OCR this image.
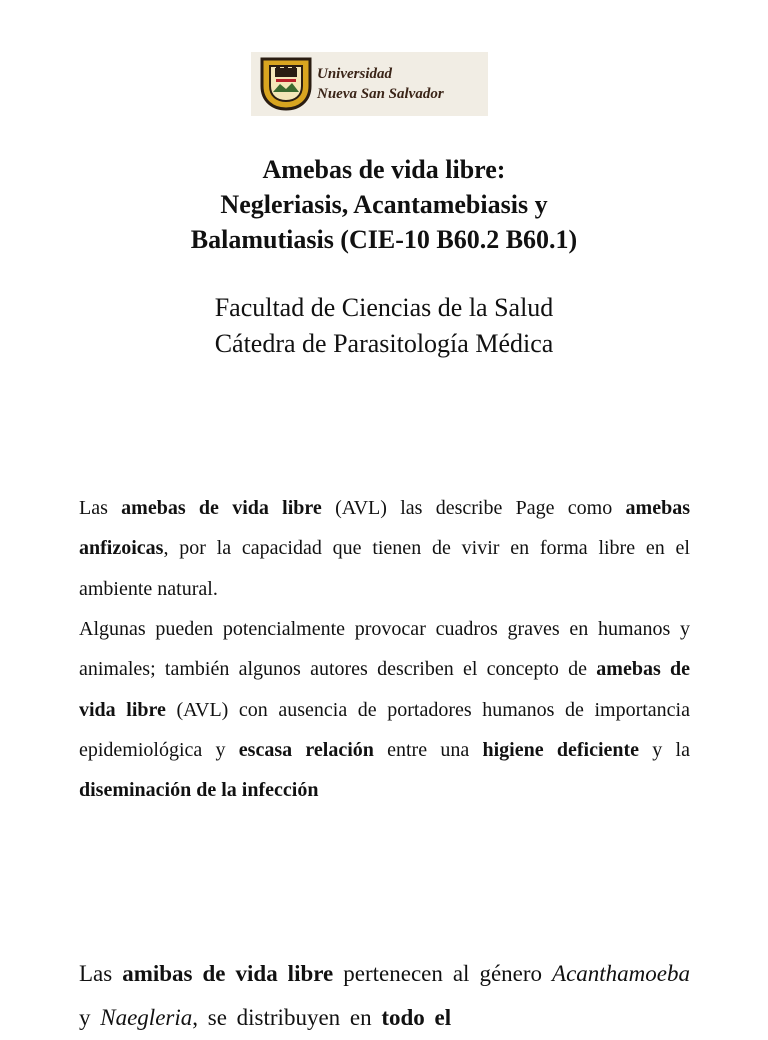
Universidad
Nueva San Salvador
Amebas de vida libre:
Negleriasis, Acantamebiasis y
Balamutiasis (CIE-10 B60.2 B60.1)
Facultad de Ciencias de la Salud
Cátedra de Parasitología Médica

Las amebas de vida libre (AVL) las describe Page como amebas anfizoicas, por la capacidad que tienen de vivir en forma libre en el ambiente natural.

Algunas pueden potencialmente provocar cuadros graves en humanos y animales; también algunos autores describen el concepto de amebas de vida libre (AVL) con ausencia de portadores humanos de importancia epidemiológica y escasa relación entre una higiene deficiente y la diseminación de la infección

Las amibas de vida libre pertenecen al género Acanthamoeba y Naegleria, se distribuyen en todo el
